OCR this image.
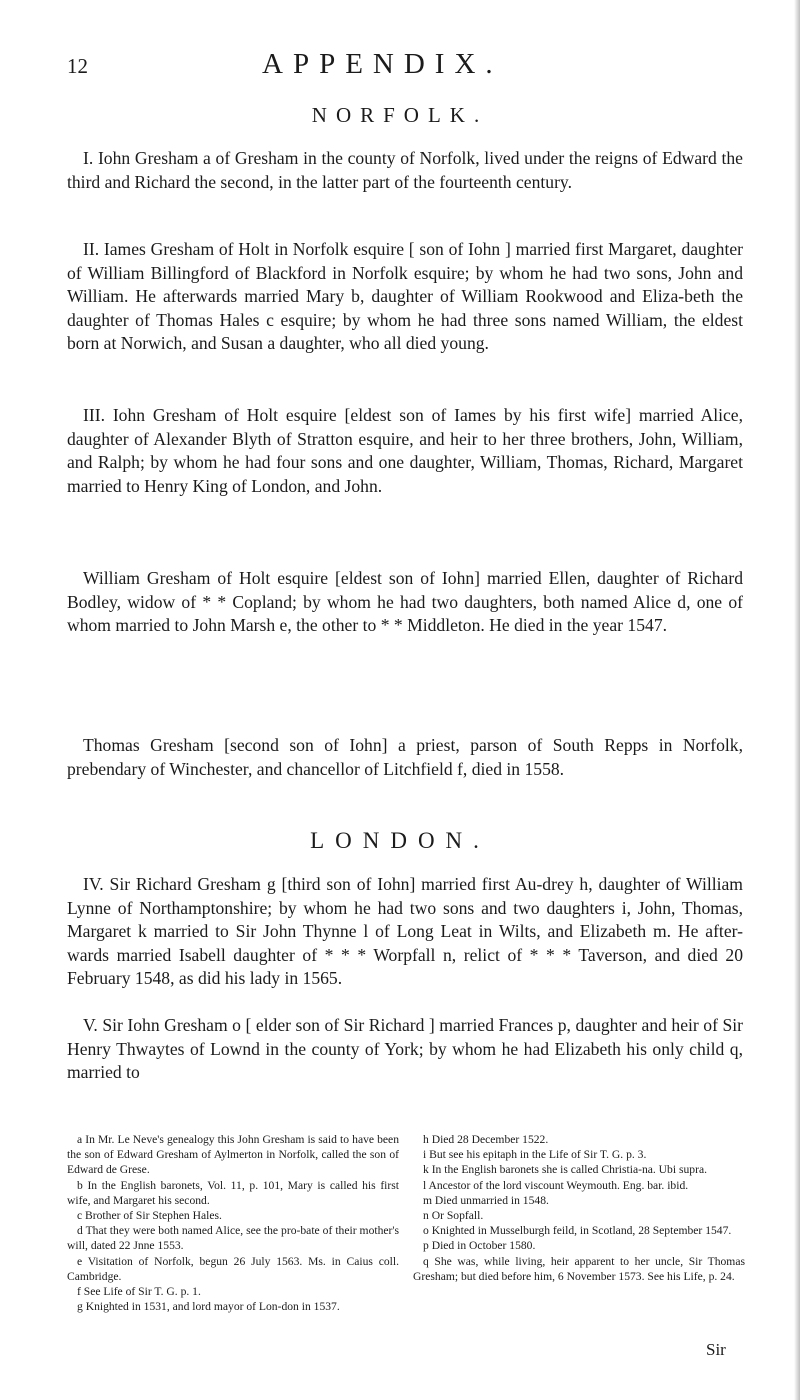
12	APPENDIX.
NORFOLK.

I. Iohn Gresham a of Gresham in the county of Norfolk, lived under the reigns of Edward the third and Richard the second, in the latter part of the fourteenth century.

II. Iames Gresham of Holt in Norfolk esquire [ son of Iohn ] married first Margaret, daughter of William Billingford of Blackford in Norfolk esquire; by whom he had two sons, John and William. He afterwards married Mary b, daughter of William Rookwood and Eliza-beth the daughter of Thomas Hales c esquire; by whom he had three sons named William, the eldest born at Norwich, and Susan a daughter, who all died young.

III. Iohn Gresham of Holt esquire [eldest son of Iames by his first wife] married Alice, daughter of Alexander Blyth of Stratton esquire, and heir to her three brothers, John, William, and Ralph; by whom he had four sons and one daughter, William, Thomas, Richard, Margaret married to Henry King of London, and John.

William Gresham of Holt esquire [eldest son of Iohn] married Ellen, daughter of Richard Bodley, widow of * * Copland; by whom he had two daughters, both named Alice d, one of whom married to John Marsh e, the other to * * Middleton. He died in the year 1547.

Thomas Gresham [second son of Iohn] a priest, parson of South Repps in Norfolk, prebendary of Winchester, and chancellor of Litchfield f, died in 1558.

LONDON.

IV. Sir Richard Gresham g [third son of Iohn] married first Au-drey h, daughter of William Lynne of Northamptonshire; by whom he had two sons and two daughters i, John, Thomas, Margaret k married to Sir John Thynne l of Long Leat in Wilts, and Elizabeth m. He after-wards married Isabell daughter of * * * Worpfall n, relict of * * * Taverson, and died 20 February 1548, as did his lady in 1565.

V. Sir Iohn Gresham o [ elder son of Sir Richard ] married Frances p, daughter and heir of Sir Henry Thwaytes of Lownd in the county of York; by whom he had Elizabeth his only child q, married to

a In Mr. Le Neve's genealogy this John Gresham is said to have been the son of Edward Gresham of Aylmerton in Norfolk, called the son of Edward de Grese.

b In the English baronets, Vol. 11, p. 101, Mary is called his first wife, and Margaret his second.

c Brother of Sir Stephen Hales.

d That they were both named Alice, see the pro-bate of their mother's will, dated 22 Jnne 1553.

e Visitation of Norfolk, begun 26 July 1563. Ms. in Caius coll. Cambridge.

f See Life of Sir T. G. p. 1.

g Knighted in 1531, and lord mayor of Lon-don in 1537.

h Died 28 December 1522.

i But see his epitaph in the Life of Sir T. G. p. 3.

k In the English baronets she is called Christia-na. Ubi supra.

l Ancestor of the lord viscount Weymouth. Eng. bar. ibid.

m Died unmarried in 1548.

n Or Sopfall.

o Knighted in Musselburgh feild, in Scotland, 28 September 1547.

p Died in October 1580.

q She was, while living, heir apparent to her uncle, Sir Thomas Gresham; but died before him, 6 November 1573. See his Life, p. 24.

Sir
